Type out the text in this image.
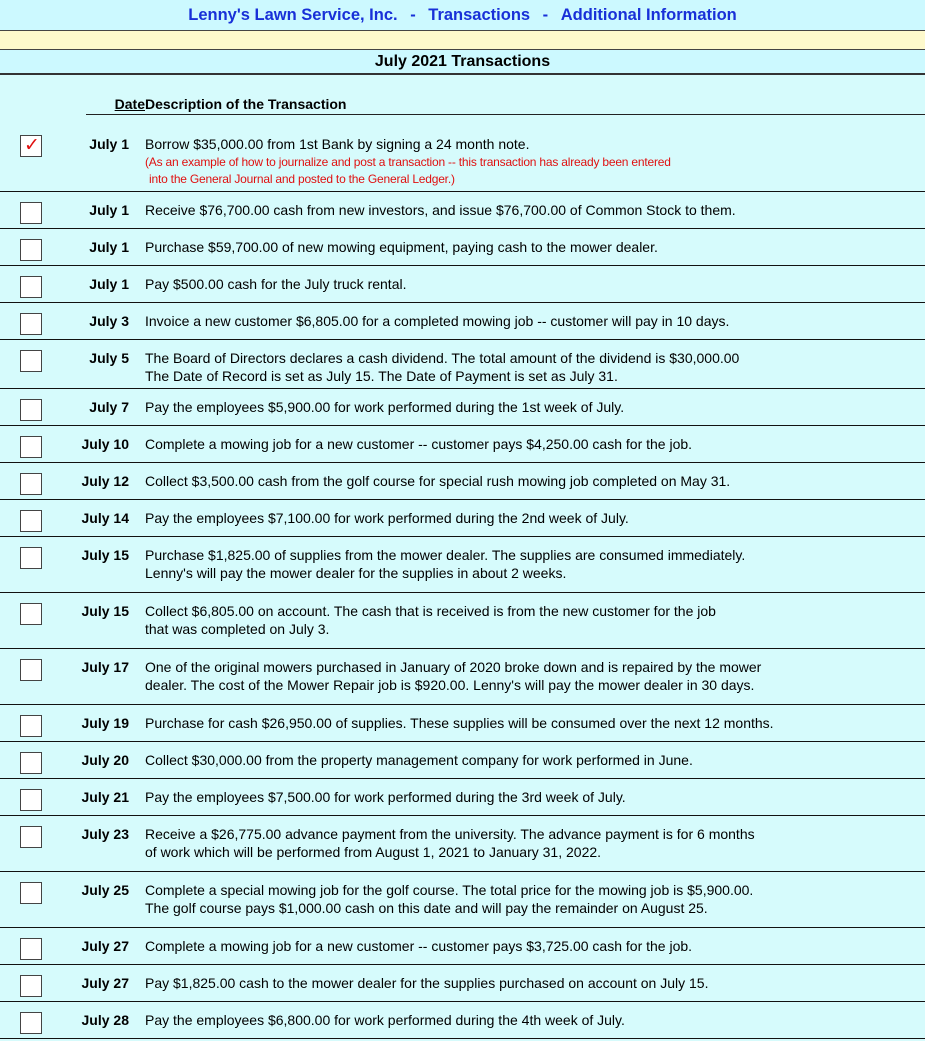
Lenny's Lawn Service, Inc. - Transactions - Additional Information
July 2021 Transactions
Date Description of the Transaction
✓	July 1 Borrow $35,000.00 from 1st Bank by signing a 24 month note.
(As an example of how to journalize and post a transaction -- this transaction has already been entered
into the General Journal and posted to the General Ledger.)
July 1 Receive $76,700.00 cash from new investors, and issue $76,700.00 of Common Stock to them.
July 1 Purchase $59,700.00 of new mowing equipment, paying cash to the mower dealer.
July 1 Pay $500.00 cash for the July truck rental.
July 3 Invoice a new customer $6,805.00 for a completed mowing job -- customer will pay in 10 days.
July 5 The Board of Directors declares a cash dividend. The total amount of the dividend is $30,000.00
The Date of Record is set as July 15. The Date of Payment is set as July 31.
July 7 Pay the employees $5,900.00 for work performed during the 1st week of July.
July 10 Complete a mowing job for a new customer -- customer pays $4,250.00 cash for the job.
July 12 Collect $3,500.00 cash from the golf course for special rush mowing job completed on May 31.
July 14 Pay the employees $7,100.00 for work performed during the 2nd week of July.
July 15 Purchase $1,825.00 of supplies from the mower dealer. The supplies are consumed immediately.
Lenny's will pay the mower dealer for the supplies in about 2 weeks.
July 15 Collect $6,805.00 on account. The cash that is received is from the new customer for the job
that was completed on July 3.
July 17 One of the original mowers purchased in January of 2020 broke down and is repaired by the mower
dealer. The cost of the Mower Repair job is $920.00. Lenny's will pay the mower dealer in 30 days.
July 19 Purchase for cash $26,950.00 of supplies. These supplies will be consumed over the next 12 months.
July 20 Collect $30,000.00 from the property management company for work performed in June.
July 21 Pay the employees $7,500.00 for work performed during the 3rd week of July.
July 23 Receive a $26,775.00 advance payment from the university. The advance payment is for 6 months
of work which will be performed from August 1, 2021 to January 31, 2022.
July 25 Complete a special mowing job for the golf course. The total price for the mowing job is $5,900.00.
The golf course pays $1,000.00 cash on this date and will pay the remainder on August 25.
July 27 Complete a mowing job for a new customer -- customer pays $3,725.00 cash for the job.
July 27 Pay $1,825.00 cash to the mower dealer for the supplies purchased on account on July 15.
July 28 Pay the employees $6,800.00 for work performed during the 4th week of July.
